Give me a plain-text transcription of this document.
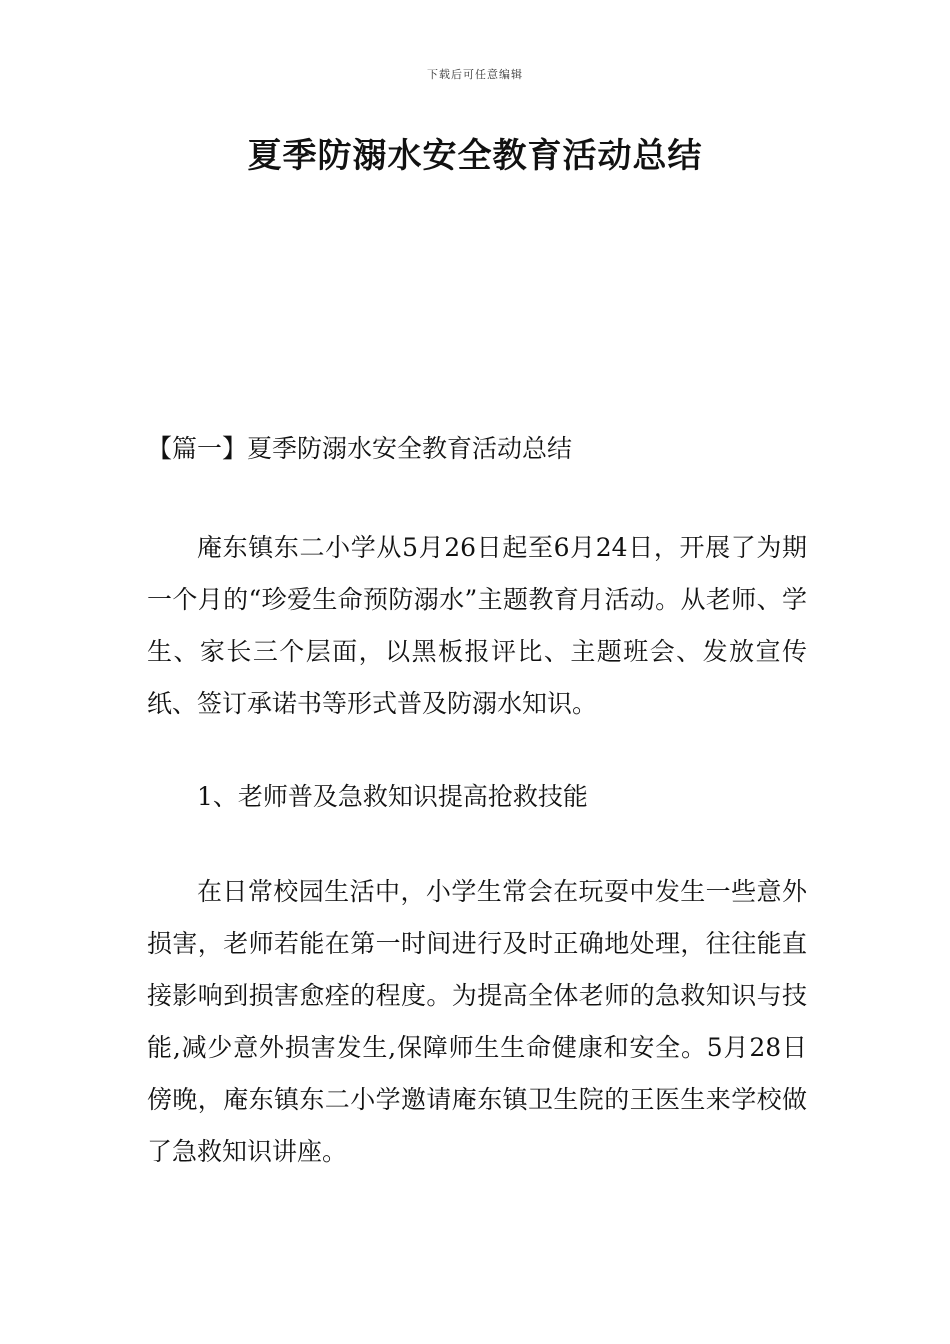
下载后可任意编辑
夏季防溺水安全教育活动总结
【篇一】夏季防溺水安全教育活动总结
庵东镇东二小学从5月26日起至6月24日，开展了为期一个月的“珍爱生命预防溺水”主题教育月活动。从老师、学生、家长三个层面，以黑板报评比、主题班会、发放宣传纸、签订承诺书等形式普及防溺水知识。
1、老师普及急救知识提高抢救技能
在日常校园生活中，小学生常会在玩耍中发生一些意外损害，老师若能在第一时间进行及时正确地处理，往往能直接影响到损害愈痊的程度。为提高全体老师的急救知识与技能,减少意外损害发生,保障师生生命健康和安全。5月28日傍晚，庵东镇东二小学邀请庵东镇卫生院的王医生来学校做了急救知识讲座。
